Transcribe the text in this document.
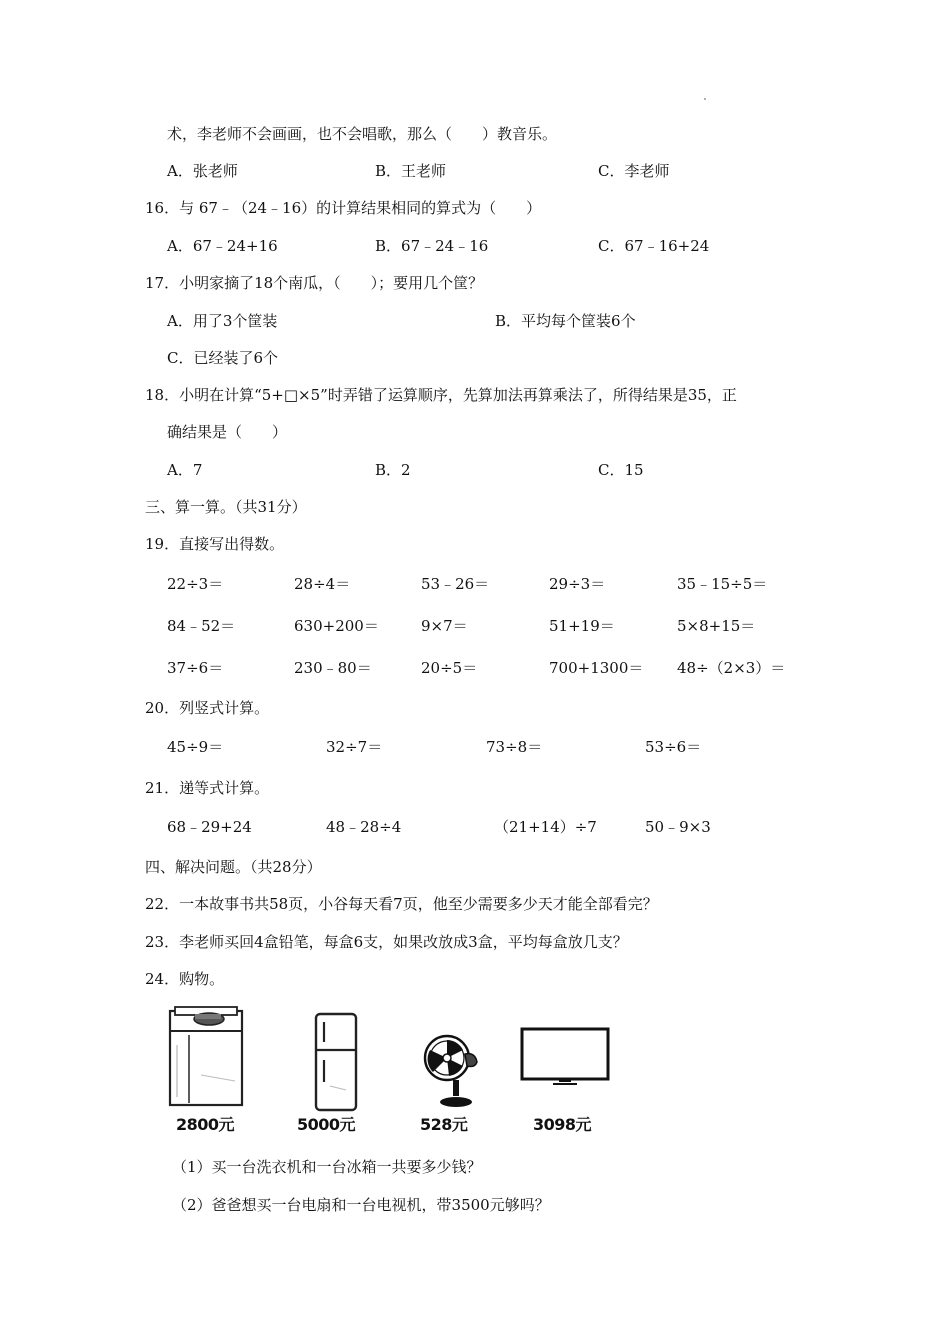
术，李老师不会画画，也不会唱歌，那么（　　）教音乐。
A．张老师	B．王老师	C．李老师
16．与 67﹣（24﹣16）的计算结果相同的算式为（　　）
A．67﹣24+16	B．67﹣24﹣16	C．67﹣16+24
17．小明家摘了18个南瓜，（　　）；要用几个筐？
A．用了3个筐装	B．平均每个筐装6个
C．已经装了6个
18．小明在计算“5+□×5”时弄错了运算顺序，先算加法再算乘法了，所得结果是35，正
确结果是（　　）
A．7	B．2	C．15
三、算一算。（共31分）
19．直接写出得数。
22÷3＝	28÷4＝	53﹣26＝	29÷3＝	35﹣15÷5＝
84﹣52＝	630+200＝	9×7＝	51+19＝	5×8+15＝
37÷6＝	230﹣80＝	20÷5＝	700+1300＝ 48÷（2×3）＝
20．列竖式计算。
45÷9＝	32÷7＝	73÷8＝	53÷6＝
21．递等式计算。
68﹣29+24	48﹣28÷4	（21+14）÷7	50﹣9×3
四、解决问题。（共28分）
22．一本故事书共58页，小谷每天看7页，他至少需要多少天才能全部看完？
23．李老师买回4盒铅笔，每盒6支，如果改放成3盒，平均每盒放几支？
24．购物。
2800元	5000元	528元	3098元
（1）买一台洗衣机和一台冰箱一共要多少钱？
（2）爸爸想买一台电扇和一台电视机，带3500元够吗？
